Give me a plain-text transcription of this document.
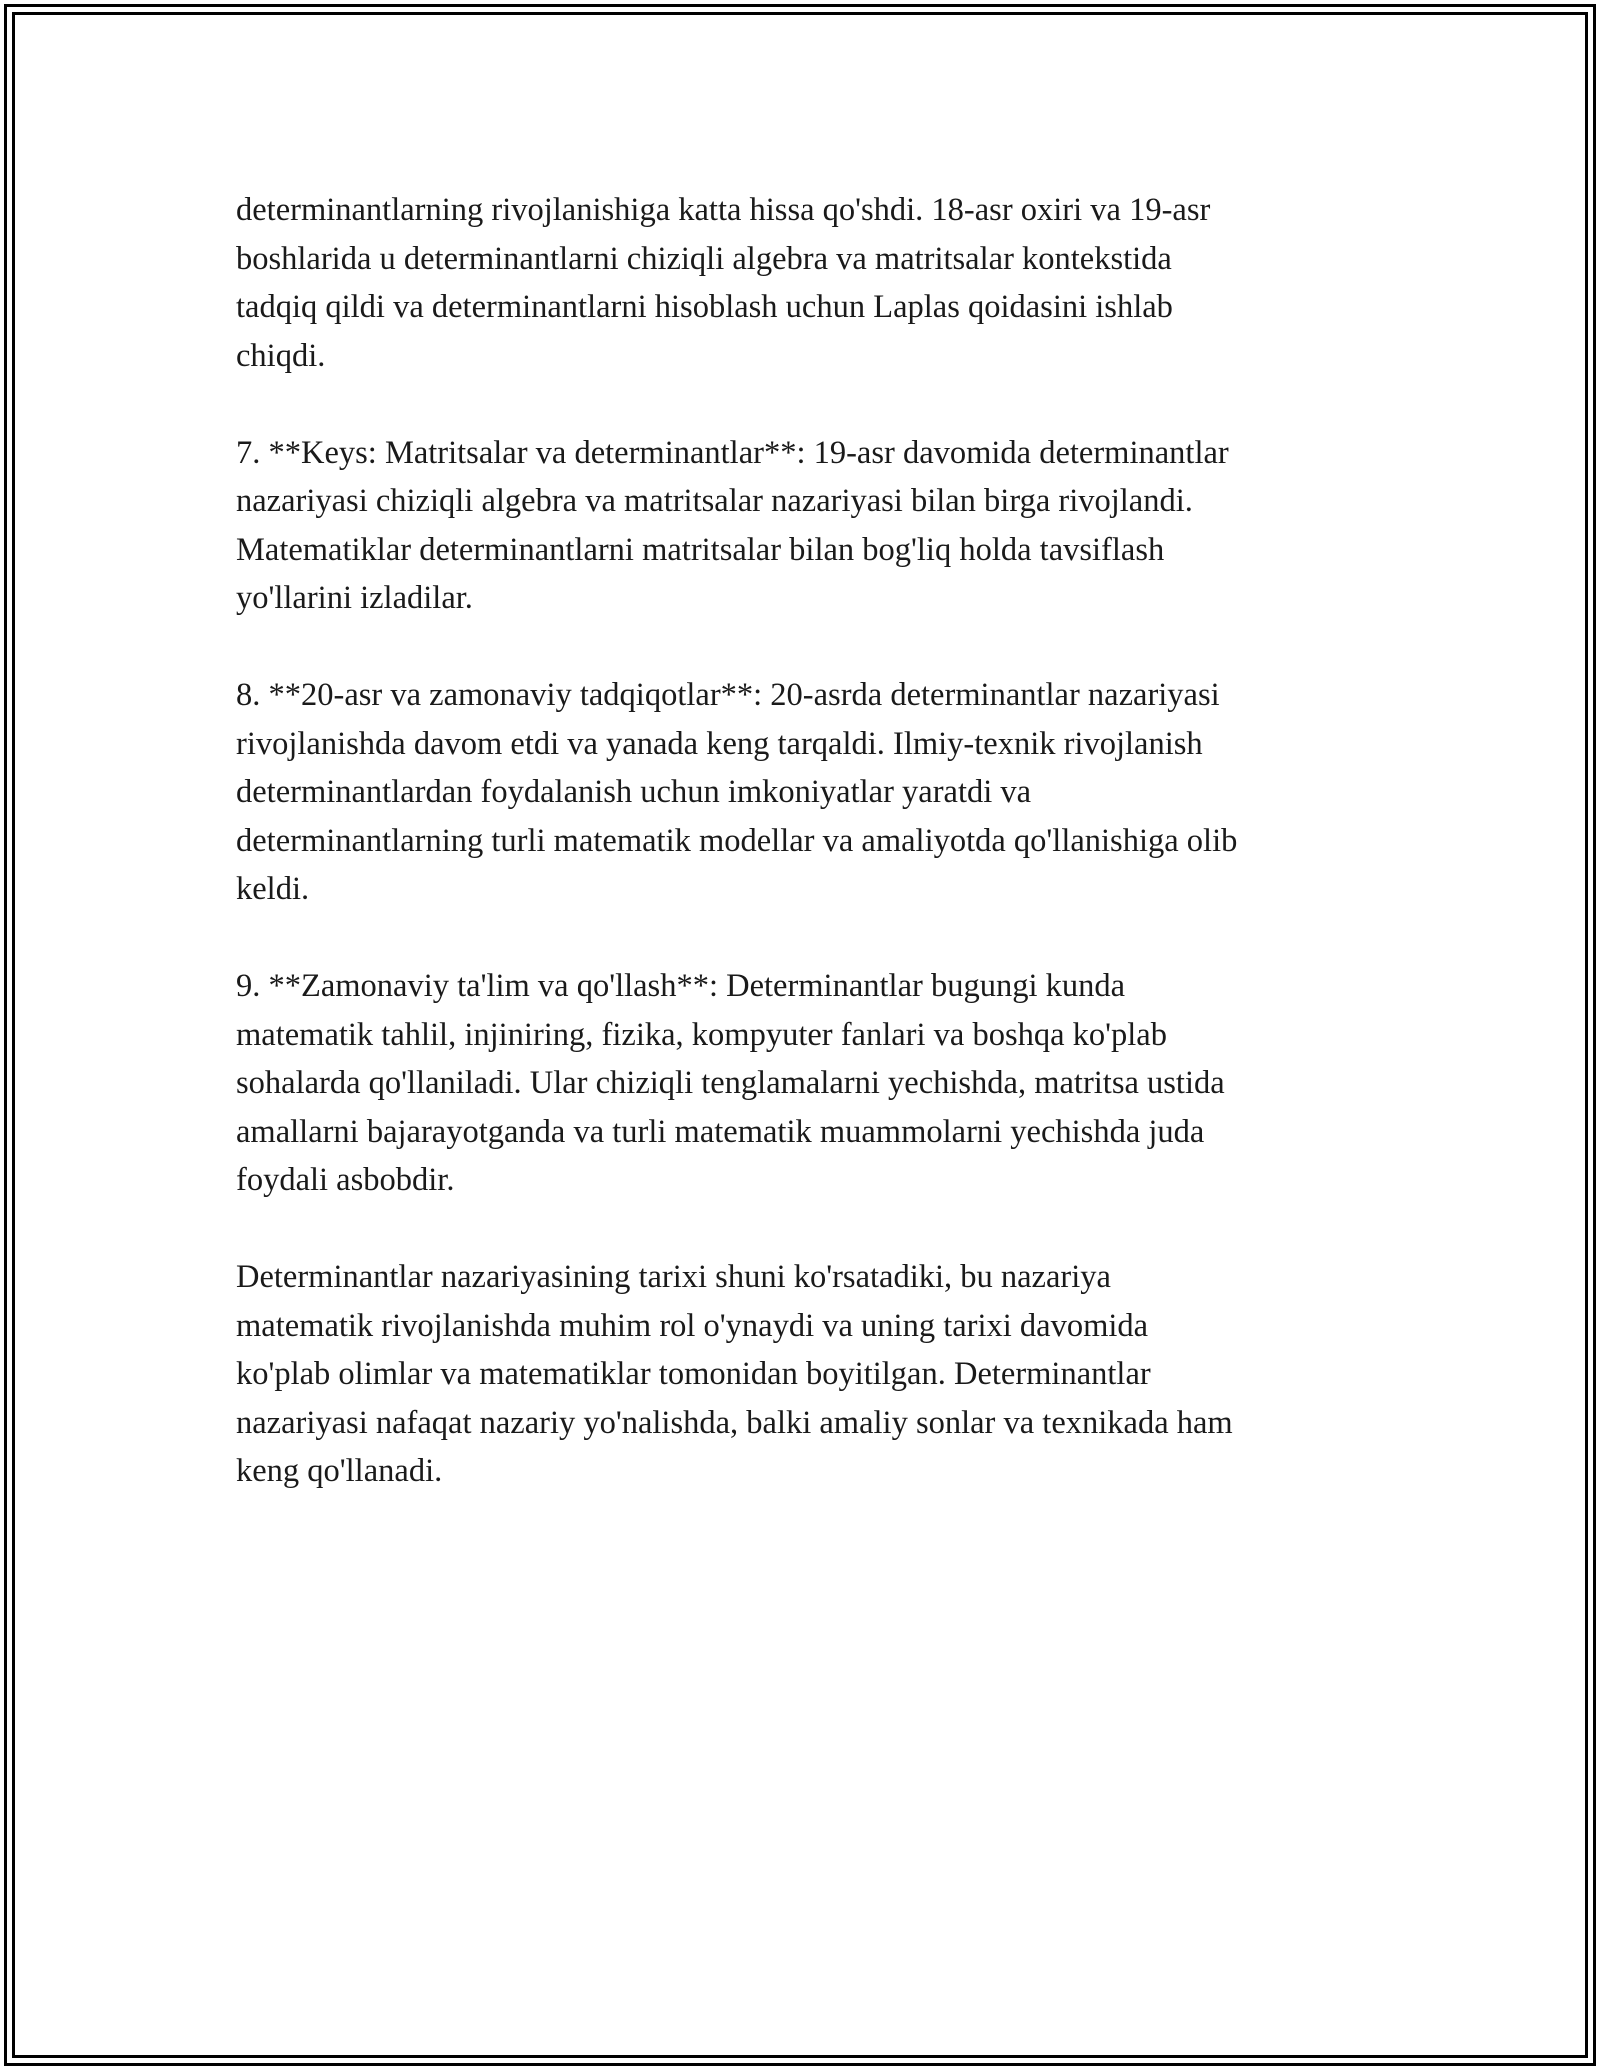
determinantlarning rivojlanishiga katta hissa qo'shdi. 18-asr oxiri va 19-asr
boshlarida u determinantlarni chiziqli algebra va matritsalar kontekstida
tadqiq qildi va determinantlarni hisoblash uchun Laplas qoidasini ishlab
chiqdi.

7. **Keys: Matritsalar va determinantlar**: 19-asr davomida determinantlar
nazariyasi chiziqli algebra va matritsalar nazariyasi bilan birga rivojlandi.
Matematiklar determinantlarni matritsalar bilan bog'liq holda tavsiflash
yo'llarini izladilar.

8. **20-asr va zamonaviy tadqiqotlar**: 20-asrda determinantlar nazariyasi
rivojlanishda davom etdi va yanada keng tarqaldi. Ilmiy-texnik rivojlanish
determinantlardan foydalanish uchun imkoniyatlar yaratdi va
determinantlarning turli matematik modellar va amaliyotda qo'llanishiga olib
keldi.

9. **Zamonaviy ta'lim va qo'llash**: Determinantlar bugungi kunda
matematik tahlil, injiniring, fizika, kompyuter fanlari va boshqa ko'plab
sohalarda qo'llaniladi. Ular chiziqli tenglamalarni yechishda, matritsa ustida
amallarni bajarayotganda va turli matematik muammolarni yechishda juda
foydali asbobdir.

Determinantlar nazariyasining tarixi shuni ko'rsatadiki, bu nazariya
matematik rivojlanishda muhim rol o'ynaydi va uning tarixi davomida
ko'plab olimlar va matematiklar tomonidan boyitilgan. Determinantlar
nazariyasi nafaqat nazariy yo'nalishda, balki amaliy sonlar va texnikada ham
keng qo'llanadi.
